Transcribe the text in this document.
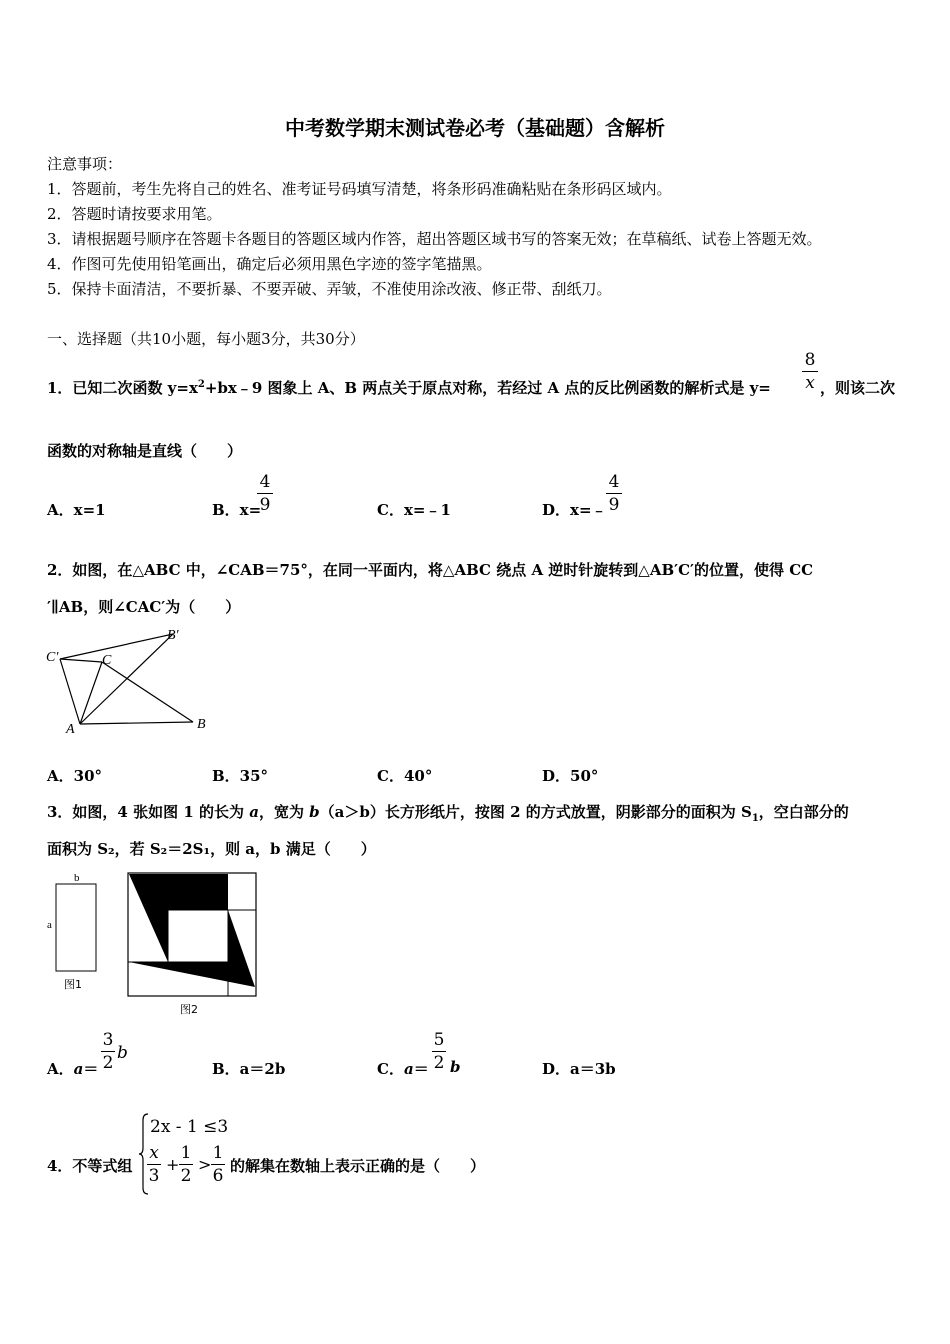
中考数学期末测试卷必考（基础题）含解析
注意事项：
1．答题前，考生先将自己的姓名、准考证号码填写清楚，将条形码准确粘贴在条形码区域内。
2．答题时请按要求用笔。
3．请根据题号顺序在答题卡各题目的答题区域内作答，超出答题区域书写的答案无效；在草稿纸、试卷上答题无效。
4．作图可先使用铅笔画出，确定后必须用黑色字迹的签字笔描黑。
5．保持卡面清洁，不要折暴、不要弄破、弄皱，不准使用涂改液、修正带、刮纸刀。
一、选择题（共10小题，每小题3分，共30分）
1．已知二次函数 $y=x^2+bx﹣9$ 图象上 A、B 两点关于原点对称，若经过 A 点的反比例函数的解析式是 y=
8
x ，则该二次
函数的对称轴是直线（　　）
A．x=1	B．x=
4
9	C．x=﹣1	D．x=﹣
4
9
2．如图，在△ABC 中，∠CAB＝75°，在同一平面内，将△ABC 绕点 A 逆时针旋转到△AB′C′的位置，使得 CC
′∥AB，则∠CAC′为（　　）
C′	C
B′
A	B
A．30°	B．35°	C．40°	D．50°
3．如图，4 张如图 1 的长为 a，宽为 b（a＞b）长方形纸片，按图 2 的方式放置，阴影部分的面积为 $S_1$，空白部分的
面积为 S₂，若 S₂＝2S₁，则 a，b 满足（　　）
b
a
图1
图2
A．a＝
3
2 b
B．a＝2b	C．a＝
5
2 b	D．a＝3b
4．不等式组
2x - 1 ≤3
x
3
+
1
2
>
1
6 的解集在数轴上表示正确的是（　　）
